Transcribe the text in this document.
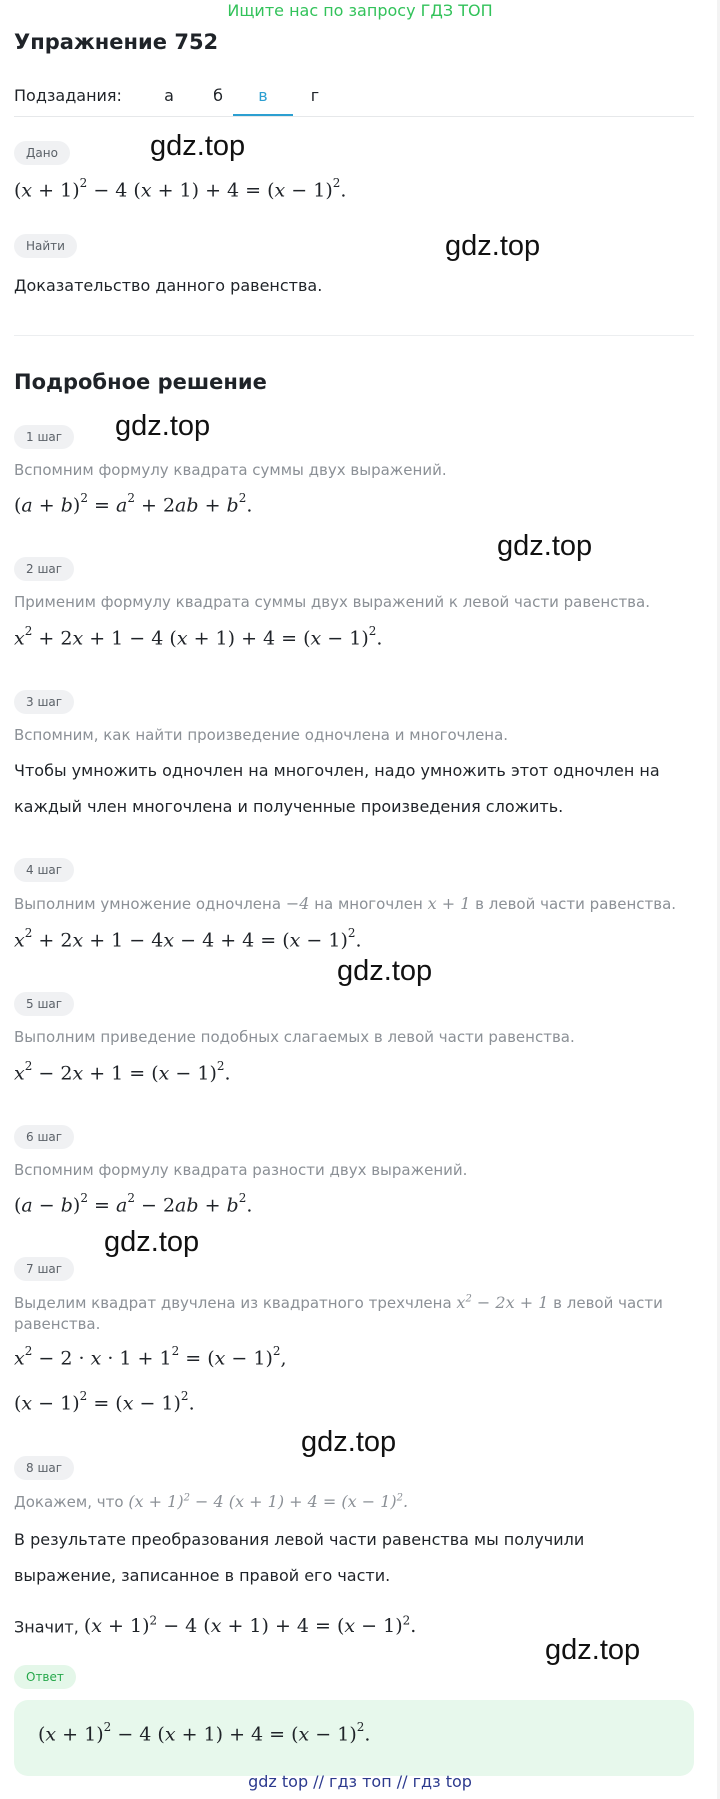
Ищите нас по запросу ГДЗ ТОП
Упражнение 752
Подзадания:	а	б	в	г
Дано
$(x + 1)^2 - 4$ $(x + 1) + 4 = (x - 1)^2$.
Найти
Доказательство данного равенства.
Подробное решение
1 шаг
Вспомним формулу квадрата суммы двух выражений.
$(a + b)^2 = a^2 + 2ab + b^2$.
2 шаг
Применим формулу квадрата суммы двух выражений к левой части равенства.
$x^2 + 2x + 1 - 4$ $(x + 1) + 4 = (x - 1)^2$.
3 шаг
Вспомним, как найти произведение одночлена и многочлена.
Чтобы умножить одночлен на многочлен, надо умножить этот одночлен на
каждый член многочлена и полученные произведения сложить.
4 шаг
Выполним умножение одночлена −4 на многочлен x + 1 в левой части равенства.
$x^2 + 2x + 1 - 4x - 4 + 4 = (x - 1)^2$.
5 шаг
Выполним приведение подобных слагаемых в левой части равенства.
$x^2 - 2x + 1 = (x - 1)^2$.
6 шаг
Вспомним формулу квадрата разности двух выражений.
$(a - b)^2 = a^2 - 2ab + b^2$.
7 шаг
Выделим квадрат двучлена из квадратного трехчлена $x^2 - 2x + 1$ в левой части
равенства.
$x^2 - 2 \cdot x \cdot 1 + 1^2 = (x - 1)^2$,
$(x - 1)^2 = (x - 1)^2$.
8 шаг
Докажем, что $(x + 1)^2 - 4$ $(x + 1) + 4 = (x - 1)^2$.
В результате преобразования левой части равенства мы получили
выражение, записанное в правой его части.
Значит, $(x + 1)^2 - 4$ $(x + 1) + 4 = (x - 1)^2$.
Ответ
$(x + 1)^2 - 4$ $(x + 1) + 4 = (x - 1)^2$.
gdz.top
gdz.top
gdz.top
gdz.top
gdz.top
gdz.top
gdz.top
gdz.top
gdz top // гдз топ // гдз top
